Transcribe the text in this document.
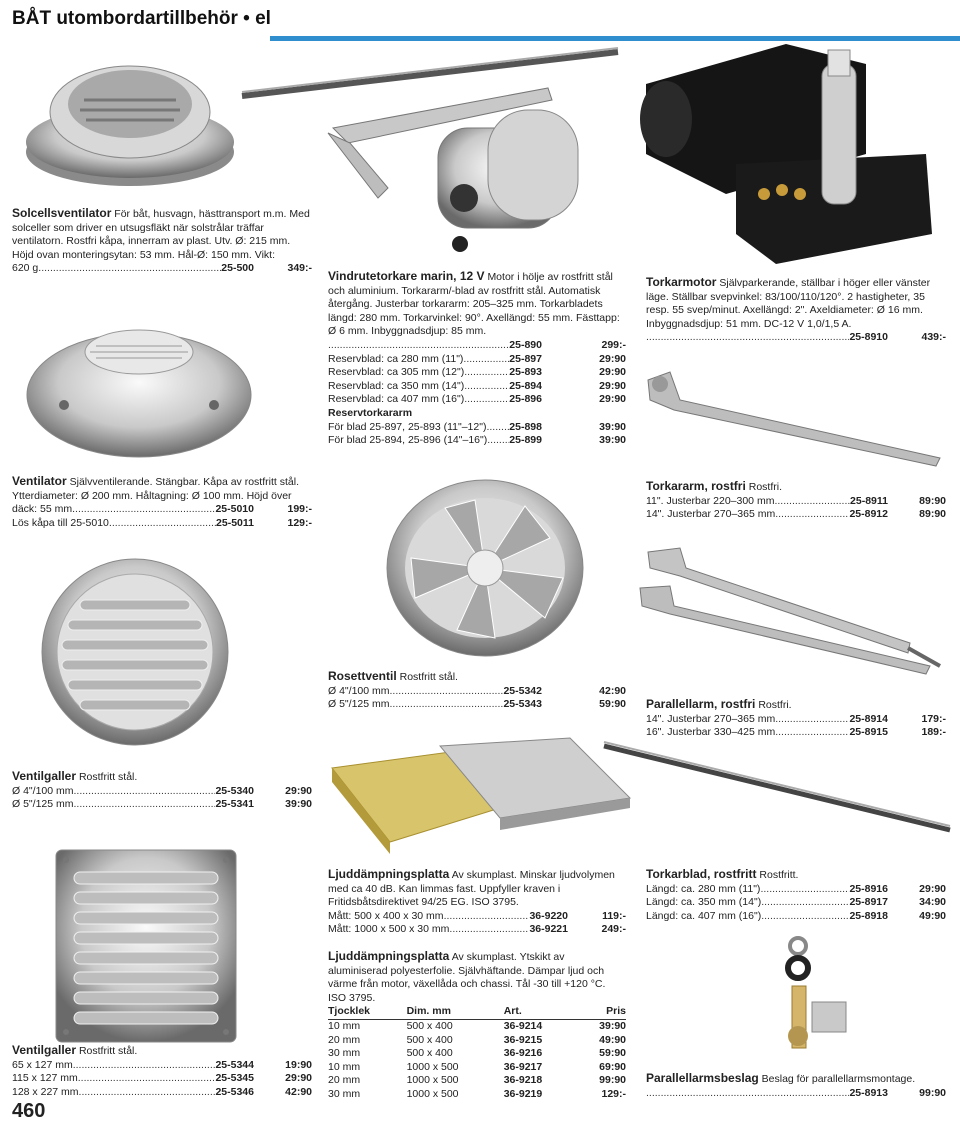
BÅT utombordartillbehör • el
Solcellsventilator För båt, husvagn, hästtransport m.m. Med solceller som driver en utsugsfläkt när solstrålar träffar ventilatorn. Rostfri kåpa, innerram av plast. Utv. Ø: 215 mm. Höjd ovan monteringsytan: 53 mm. Hål-Ø: 150 mm. Vikt:
620 g. .....	25-500	349:-
Ventilator Självventilerande. Stängbar. Kåpa av rostfritt stål. Ytterdiameter: Ø 200 mm. Håltagning: Ø 100 mm. Höjd över
däck: 55 mm. .....	25-5010	199:-
Lös kåpa till 25-5010. .....	25-5011	129:-
Ventilgaller Rostfritt stål.
Ø 4"/100 mm .....	25-5340	29:90
Ø 5"/125 mm .....	25-5341	39:90
Ventilgaller Rostfritt stål.
65 x 127 mm .....	25-5344	19:90
115 x 127 mm .....	25-5345	29:90
128 x 227 mm .....	25-5346	42:90
460
Vindrutetorkare marin, 12 V Motor i hölje av rostfritt stål och aluminium. Torkararm/-blad av rostfritt stål. Automatisk återgång. Justerbar torkararm: 205–325 mm. Torkarbladets längd: 280 mm. Torkarvinkel: 90°. Axellängd: 55 mm. Fästtapp: Ø 6 mm. Inbyggnadsdjup: 85 mm.
.....
25-890	299:-
Reservblad: ca 280 mm (11") .....	25-897	29:90
Reservblad: ca 305 mm (12") .....	25-893	29:90
Reservblad: ca 350 mm (14") .....	25-894	29:90
Reservblad: ca 407 mm (16") .....	25-896	29:90
Reservtorkararm
För blad 25-897, 25-893 (11"–12") ..... 25-898	39:90
För blad 25-894, 25-896 (14"–16") ..... 25-899	39:90
Torkarmotor Självparkerande, ställbar i höger eller vänster läge. Ställbar svepvinkel: 83/100/110/120°. 2 hastigheter, 35 resp. 55 svep/minut. Axellängd: 2". Axeldiameter: Ø 16 mm. Inbyggnadsdjup: 51 mm. DC-12 V 1,0/1,5 A.
.....
25-8910	439:-
Torkararm, rostfri Rostfri.
11". Justerbar 220–300 mm .....	25-8911	89:90
14". Justerbar 270–365 mm .....	25-8912	89:90
Rosettventil Rostfritt stål.
Ø 4"/100 mm .....	25-5342	42:90
Ø 5"/125 mm .....	25-5343	59:90 Parallellarm, rostfri Rostfri.
14". Justerbar 270–365 mm .....	25-8914	179:-
16". Justerbar 330–425 mm .....	25-8915	189:-
Ljuddämpningsplatta Av skumplast. Minskar ljudvolymen med ca 40 dB. Kan limmas fast. Uppfyller kraven i Fritidsbåtsdirektivet 94/25 EG. ISO 3795.
Mått: 500 x 400 x 30 mm .....	36-9220	119:-
Mått: 1000 x 500 x 30 mm .....	36-9221	249:-
Ljuddämpningsplatta Av skumplast. Ytskikt av aluminiserad polyesterfolie. Självhäftande. Dämpar ljud och värme från motor, växellåda och chassi. Tål -30 till +120 °C. ISO 3795.
Tjocklek	Dim. mm	Art.	Pris
10 mm	500 x 400	36-9214	39:90
20 mm	500 x 400	36-9215	49:90
30 mm	500 x 400	36-9216	59:90
10 mm	1000 x 500	36-9217	69:90
20 mm	1000 x 500	36-9218	99:90
30 mm	1000 x 500	36-9219	129:-
Torkarblad, rostfritt Rostfritt.
Längd: ca. 280 mm (11") .....	25-8916	29:90
Längd: ca. 350 mm (14") .....	25-8917	34:90
Längd: ca. 407 mm (16") .....	25-8918	49:90
Parallellarmsbeslag Beslag för parallellarmsmontage.
.....
25-8913	99:90
